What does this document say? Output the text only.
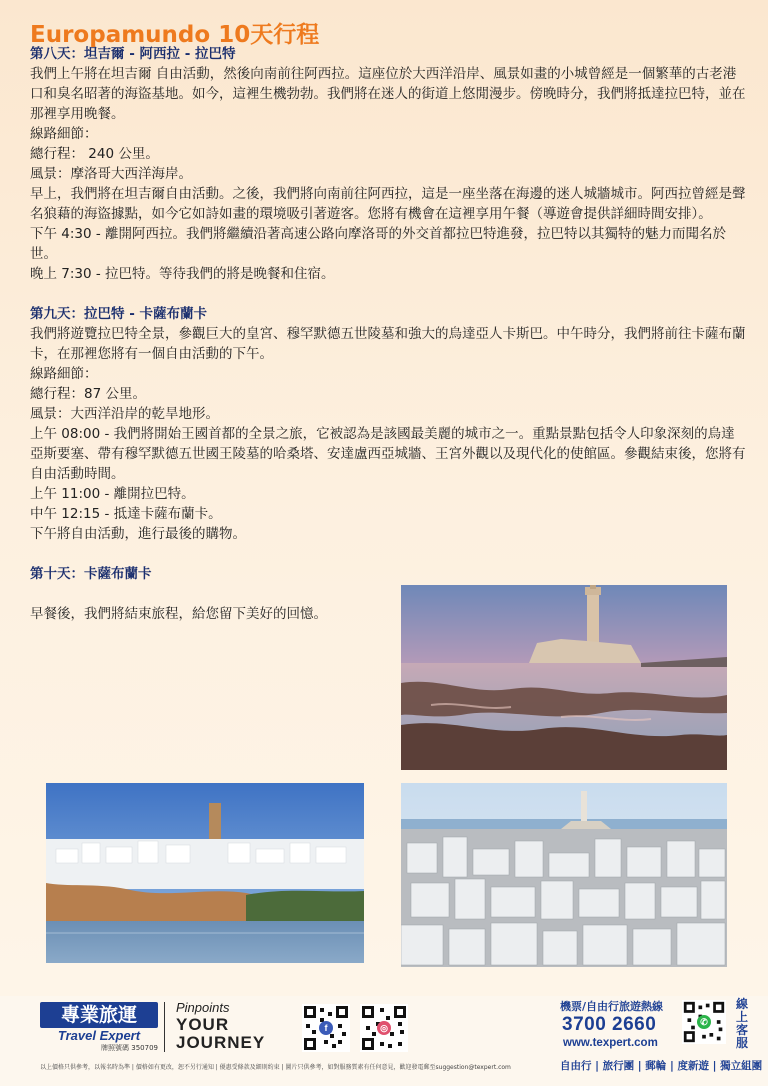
Europamundo 10天行程

第八天：坦吉爾 - 阿西拉 - 拉巴特

我們上午將在坦吉爾 自由活動，然後向南前往阿西拉。這座位於大西洋沿岸、風景如畫的小城曾經是一個繁華的古老港口和臭名昭著的海盜基地。如今，這裡生機勃勃。我們將在迷人的街道上悠閒漫步。傍晚時分，我們將抵達拉巴特，並在那裡享用晚餐。

線路細節：

總行程： 240 公里。

風景：摩洛哥大西洋海岸。

早上，我們將在坦吉爾自由活動。之後，我們將向南前往阿西拉，這是一座坐落在海邊的迷人城牆城市。阿西拉曾經是聲名狼藉的海盜據點，如今它如詩如畫的環境吸引著遊客。您將有機會在這裡享用午餐（導遊會提供詳細時間安排）。

下午 4:30 - 離開阿西拉。我們將繼續沿著高速公路向摩洛哥的外交首都拉巴特進發，拉巴特以其獨特的魅力而聞名於世。

晚上 7:30 - 拉巴特。等待我們的將是晚餐和住宿。

第九天：拉巴特 - 卡薩布蘭卡

我們將遊覽拉巴特全景，參觀巨大的皇宮、穆罕默德五世陵墓和強大的烏達亞人卡斯巴。中午時分，我們將前往卡薩布蘭卡，在那裡您將有一個自由活動的下午。

線路細節：

總行程：87 公里。

風景：大西洋沿岸的乾旱地形。

上午 08:00 - 我們將開始王國首都的全景之旅，它被認為是該國最美麗的城市之一。重點景點包括令人印象深刻的烏達亞斯要塞、帶有穆罕默德五世國王陵墓的哈桑塔、安達盧西亞城牆、王宮外觀以及現代化的使館區。參觀結束後，您將有自由活動時間。

上午 11:00 - 離開拉巴特。

中午 12:15 - 抵達卡薩布蘭卡。

下午將自由活動，進行最後的購物。

第十天：卡薩布蘭卡

早餐後，我們將結束旅程，給您留下美好的回憶。

專業旅運
Travel Expert
牌照號碼 350709
Pinpoints
YOUR
JOURNEY
f	◎
機票/自由行旅遊熱線
3700 2660
www.texpert.com
✆
線上客服
自由行 | 旅行團 | 郵輪 | 度新遊 | 獨立組團
以上價格只供參考，以報名時為準 | 價格如有更改，恕不另行通知 | 優惠受條款及細則約束 | 圖片只供參考，如對服務質素有任何意見，歡迎發電郵至suggestion@texpert.com
